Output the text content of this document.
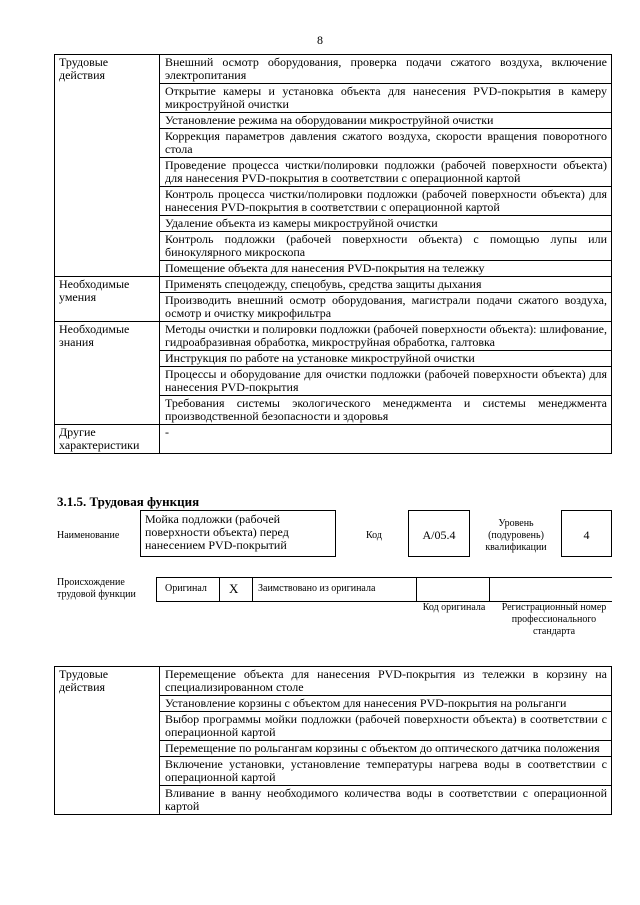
8
Трудовые действия	Внешний осмотр оборудования, проверка подачи сжатого воздуха, включение электропитания
	Открытие камеры и установка объекта для нанесения PVD-покрытия в камеру микроструйной очистки
	Установление режима на оборудовании микроструйной очистки
	Коррекция параметров давления сжатого воздуха, скорости вращения поворотного стола
	Проведение процесса чистки/полировки подложки (рабочей поверхности объекта) для нанесения PVD-покрытия в соответствии с операционной картой
	Контроль процесса чистки/полировки подложки (рабочей поверхности объекта) для нанесения PVD-покрытия в соответствии с операционной картой
	Удаление объекта из камеры микроструйной очистки
	Контроль подложки (рабочей поверхности объекта) с помощью лупы или бинокулярного микроскопа
	Помещение объекта для нанесения PVD-покрытия на тележку
Необходимые умения	Применять спецодежду, спецобувь, средства защиты дыхания
	Производить внешний осмотр оборудования, магистрали подачи сжатого воздуха, осмотр и очистку микрофильтра
Необходимые знания	Методы очистки и полировки подложки (рабочей поверхности объекта): шлифование, гидроабразивная обработка, микроструйная обработка, галтовка
	Инструкция по работе на установке микроструйной очистки
	Процессы и оборудование для очистки подложки (рабочей поверхности объекта) для нанесения PVD-покрытия
	Требования системы экологического менеджмента и системы менеджмента производственной безопасности и здоровья
Другие характеристики	-
3.1.5. Трудовая функция
Наименование
Мойка подложки (рабочей поверхности объекта) перед нанесением PVD-покрытий
Код	A/05.4
Уровень (подуровень) квалификации
4
Происхождение трудовой функции
Оригинал X Заимствовано из оригинала
Код оригинала	Регистрационный номер профессионального стандарта
Трудовые действия	Перемещение объекта для нанесения PVD-покрытия из тележки в корзину на специализированном столе
Установление корзины с объектом для нанесения PVD-покрытия на рольганги
Выбор программы мойки подложки (рабочей поверхности объекта) в соответствии с операционной картой
Перемещение по рольгангам корзины с объектом до оптического датчика положения
Включение установки, установление температуры нагрева воды в соответствии с операционной картой
Вливание в ванну необходимого количества воды в соответствии с операционной картой
